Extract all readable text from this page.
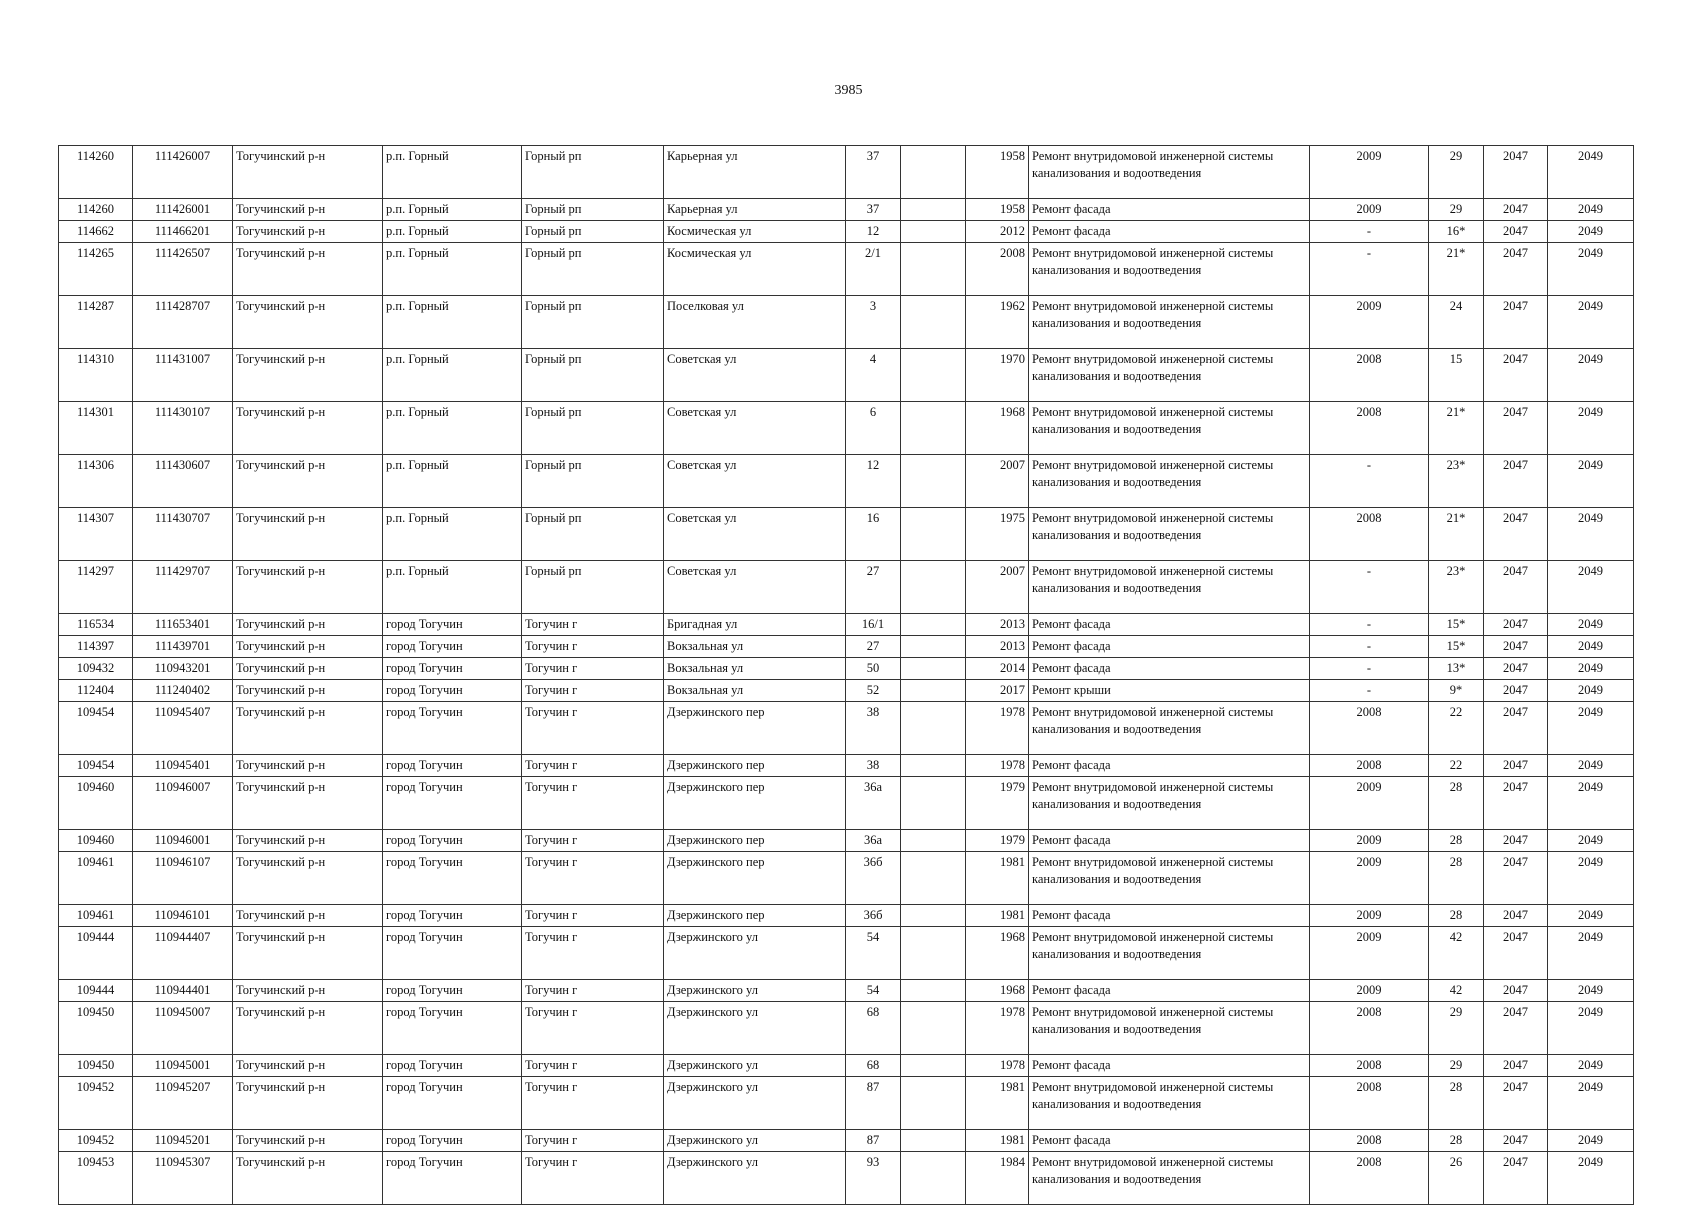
3985
114260	111426007	Тогучинский р-н	р.п. Горный	Горный рп	Карьерная ул	37		1958	Ремонт внутридомовой инженерной системы канализования и водоотведения	2009	29	2047	2049
114260	111426001	Тогучинский р-н	р.п. Горный	Горный рп	Карьерная ул	37		1958	Ремонт фасада	2009	29	2047	2049
114662	111466201	Тогучинский р-н	р.п. Горный	Горный рп	Космическая ул	12		2012	Ремонт фасада	-	16*	2047	2049
114265	111426507	Тогучинский р-н	р.п. Горный	Горный рп	Космическая ул	2/1		2008	Ремонт внутридомовой инженерной системы канализования и водоотведения	-	21*	2047	2049
114287	111428707	Тогучинский р-н	р.п. Горный	Горный рп	Поселковая ул	3		1962	Ремонт внутридомовой инженерной системы канализования и водоотведения	2009	24	2047	2049
114310	111431007	Тогучинский р-н	р.п. Горный	Горный рп	Советская ул	4		1970	Ремонт внутридомовой инженерной системы канализования и водоотведения	2008	15	2047	2049
114301	111430107	Тогучинский р-н	р.п. Горный	Горный рп	Советская ул	6		1968	Ремонт внутридомовой инженерной системы канализования и водоотведения	2008	21*	2047	2049
114306	111430607	Тогучинский р-н	р.п. Горный	Горный рп	Советская ул	12		2007	Ремонт внутридомовой инженерной системы канализования и водоотведения	-	23*	2047	2049
114307	111430707	Тогучинский р-н	р.п. Горный	Горный рп	Советская ул	16		1975	Ремонт внутридомовой инженерной системы канализования и водоотведения	2008	21*	2047	2049
114297	111429707	Тогучинский р-н	р.п. Горный	Горный рп	Советская ул	27		2007	Ремонт внутридомовой инженерной системы канализования и водоотведения	-	23*	2047	2049
116534	111653401	Тогучинский р-н	город Тогучин	Тогучин г	Бригадная ул	16/1		2013	Ремонт фасада	-	15*	2047	2049
114397	111439701	Тогучинский р-н	город Тогучин	Тогучин г	Вокзальная ул	27		2013	Ремонт фасада	-	15*	2047	2049
109432	110943201	Тогучинский р-н	город Тогучин	Тогучин г	Вокзальная ул	50		2014	Ремонт фасада	-	13*	2047	2049
112404	111240402	Тогучинский р-н	город Тогучин	Тогучин г	Вокзальная ул	52		2017	Ремонт крыши	-	9*	2047	2049
109454	110945407	Тогучинский р-н	город Тогучин	Тогучин г	Дзержинского пер	38		1978	Ремонт внутридомовой инженерной системы канализования и водоотведения	2008	22	2047	2049
109454	110945401	Тогучинский р-н	город Тогучин	Тогучин г	Дзержинского пер	38		1978	Ремонт фасада	2008	22	2047	2049
109460	110946007	Тогучинский р-н	город Тогучин	Тогучин г	Дзержинского пер	36а		1979	Ремонт внутридомовой инженерной системы канализования и водоотведения	2009	28	2047	2049
109460	110946001	Тогучинский р-н	город Тогучин	Тогучин г	Дзержинского пер	36а		1979	Ремонт фасада	2009	28	2047	2049
109461	110946107	Тогучинский р-н	город Тогучин	Тогучин г	Дзержинского пер	36б		1981	Ремонт внутридомовой инженерной системы канализования и водоотведения	2009	28	2047	2049
109461	110946101	Тогучинский р-н	город Тогучин	Тогучин г	Дзержинского пер	36б		1981	Ремонт фасада	2009	28	2047	2049
109444	110944407	Тогучинский р-н	город Тогучин	Тогучин г	Дзержинского ул	54		1968	Ремонт внутридомовой инженерной системы канализования и водоотведения	2009	42	2047	2049
109444	110944401	Тогучинский р-н	город Тогучин	Тогучин г	Дзержинского ул	54		1968	Ремонт фасада	2009	42	2047	2049
109450	110945007	Тогучинский р-н	город Тогучин	Тогучин г	Дзержинского ул	68		1978	Ремонт внутридомовой инженерной системы канализования и водоотведения	2008	29	2047	2049
109450	110945001	Тогучинский р-н	город Тогучин	Тогучин г	Дзержинского ул	68		1978	Ремонт фасада	2008	29	2047	2049
109452	110945207	Тогучинский р-н	город Тогучин	Тогучин г	Дзержинского ул	87		1981	Ремонт внутридомовой инженерной системы канализования и водоотведения	2008	28	2047	2049
109452	110945201	Тогучинский р-н	город Тогучин	Тогучин г	Дзержинского ул	87		1981	Ремонт фасада	2008	28	2047	2049
109453	110945307	Тогучинский р-н	город Тогучин	Тогучин г	Дзержинского ул	93		1984	Ремонт внутридомовой инженерной системы канализования и водоотведения	2008	26	2047	2049
